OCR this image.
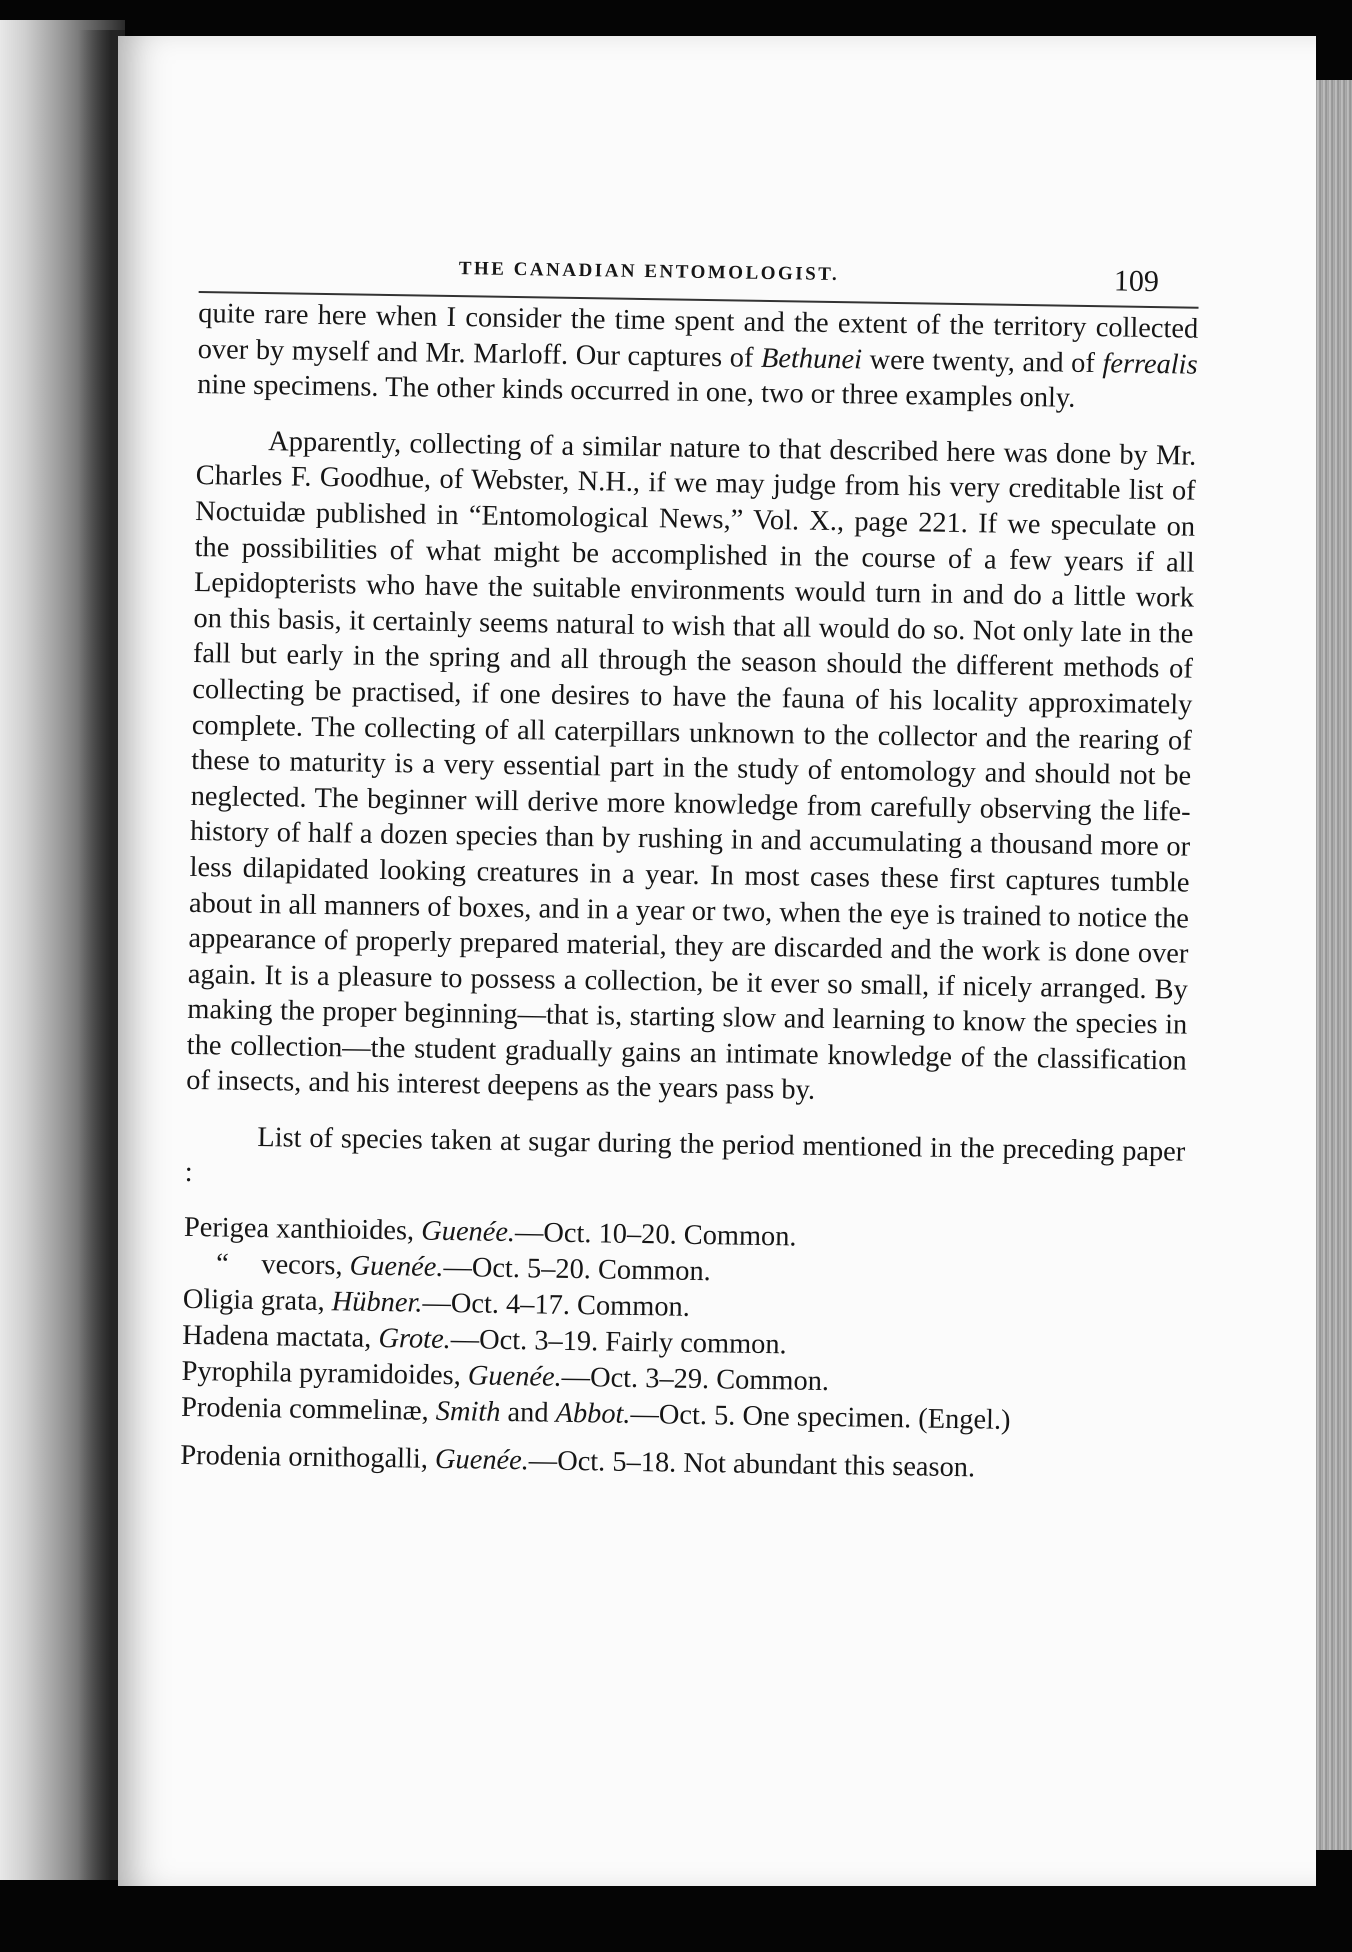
THE CANADIAN ENTOMOLOGIST.	109

quite rare here when I consider the time spent and the extent of the territory collected over by myself and Mr. Marloff. Our captures of Bethunei were twenty, and of ferrealis nine specimens. The other kinds occurred in one, two or three examples only.

Apparently, collecting of a similar nature to that described here was done by Mr. Charles F. Goodhue, of Webster, N.H., if we may judge from his very creditable list of Noctuidæ published in “Entomological News,” Vol. X., page 221. If we speculate on the possibilities of what might be accomplished in the course of a few years if all Lepidopterists who have the suitable environments would turn in and do a little work on this basis, it certainly seems natural to wish that all would do so. Not only late in the fall but early in the spring and all through the season should the different methods of collecting be practised, if one desires to have the fauna of his locality approximately complete. The collecting of all caterpillars unknown to the collector and the rearing of these to maturity is a very essential part in the study of entomology and should not be neglected. The beginner will derive more knowledge from carefully observing the life-history of half a dozen species than by rushing in and accumulating a thousand more or less dilapidated looking creatures in a year. In most cases these first captures tumble about in all manners of boxes, and in a year or two, when the eye is trained to notice the appearance of properly prepared material, they are discarded and the work is done over again. It is a pleasure to possess a collection, be it ever so small, if nicely arranged. By making the proper beginning—that is, starting slow and learning to know the species in the collection—the student gradually gains an intimate knowledge of the classification of insects, and his interest deepens as the years pass by.

List of species taken at sugar during the period mentioned in the preceding paper :

Perigea xanthioides, Guenée.—Oct. 10–20. Common.
“ vecors, Guenée.—Oct. 5–20. Common.
Oligia grata, Hübner.—Oct. 4–17. Common.
Hadena mactata, Grote.—Oct. 3–19. Fairly common.
Pyrophila pyramidoides, Guenée.—Oct. 3–29. Common.
Prodenia commelinæ, Smith and Abbot.—Oct. 5. One specimen. (Engel.)
Prodenia ornithogalli, Guenée.—Oct. 5–18. Not abundant this season.
